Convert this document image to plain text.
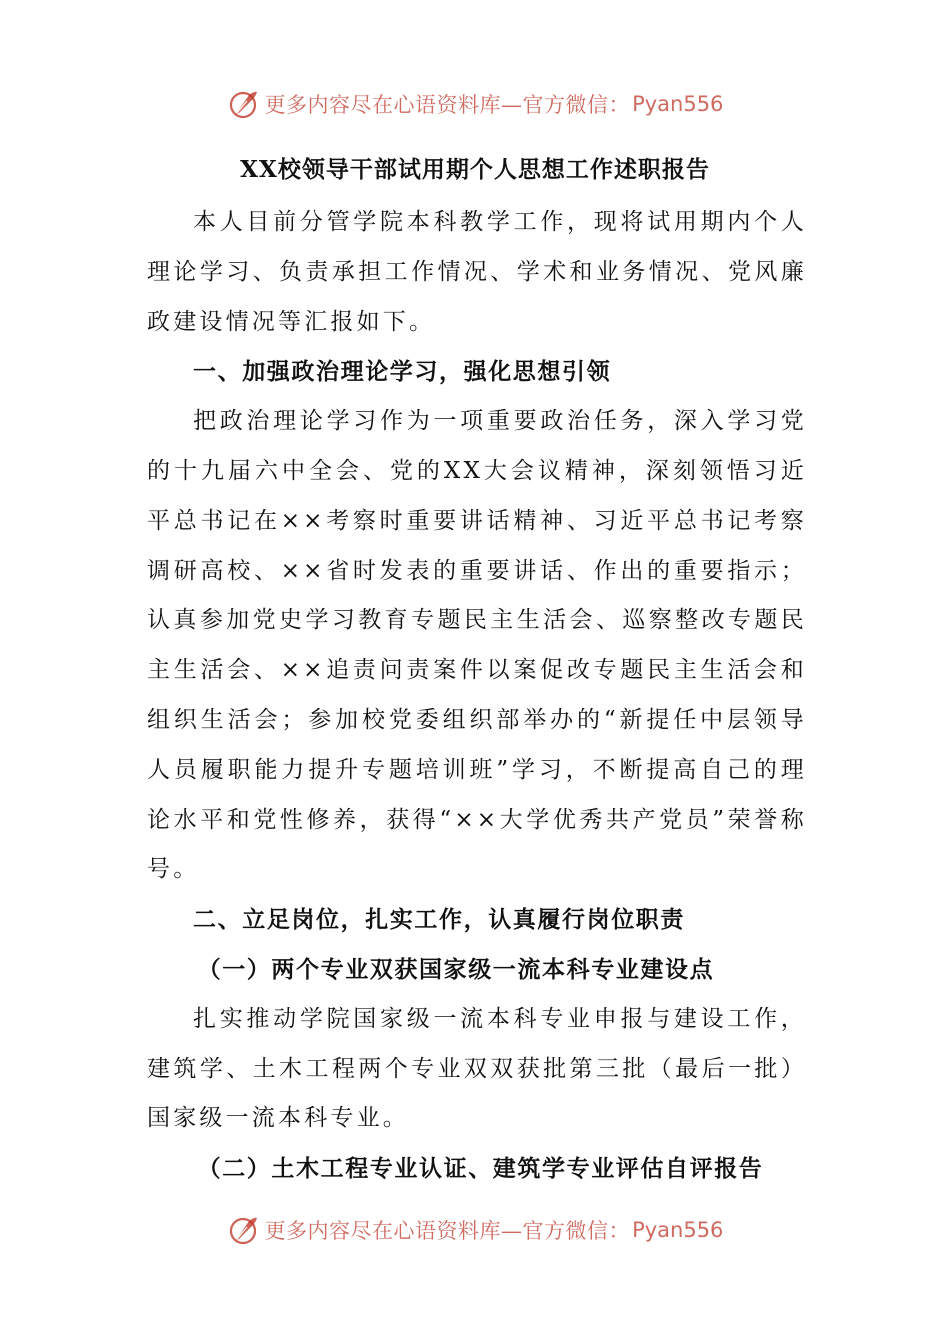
更多内容尽在心语资料库—官方微信： Pyan556
XX校领导干部试用期个人思想工作述职报告

本人目前分管学院本科教学工作，现将试用期内个人理论学习、负责承担工作情况、学术和业务情况、党风廉政建设情况等汇报如下。

一、加强政治理论学习，强化思想引领

把政治理论学习作为一项重要政治任务，深入学习党的十九届六中全会、党的XX大会议精神，深刻领悟习近平总书记在××考察时重要讲话精神、习近平总书记考察调研高校、××省时发表的重要讲话、作出的重要指示；认真参加党史学习教育专题民主生活会、巡察整改专题民主生活会、××追责问责案件以案促改专题民主生活会和组织生活会；参加校党委组织部举办的“新提任中层领导人员履职能力提升专题培训班”学习，不断提高自己的理论水平和党性修养，获得“××大学优秀共产党员”荣誉称号。

二、立足岗位，扎实工作，认真履行岗位职责

（一）两个专业双获国家级一流本科专业建设点

扎实推动学院国家级一流本科专业申报与建设工作，建筑学、土木工程两个专业双双获批第三批（最后一批）国家级一流本科专业。

（二）土木工程专业认证、建筑学专业评估自评报告

更多内容尽在心语资料库—官方微信： Pyan556
